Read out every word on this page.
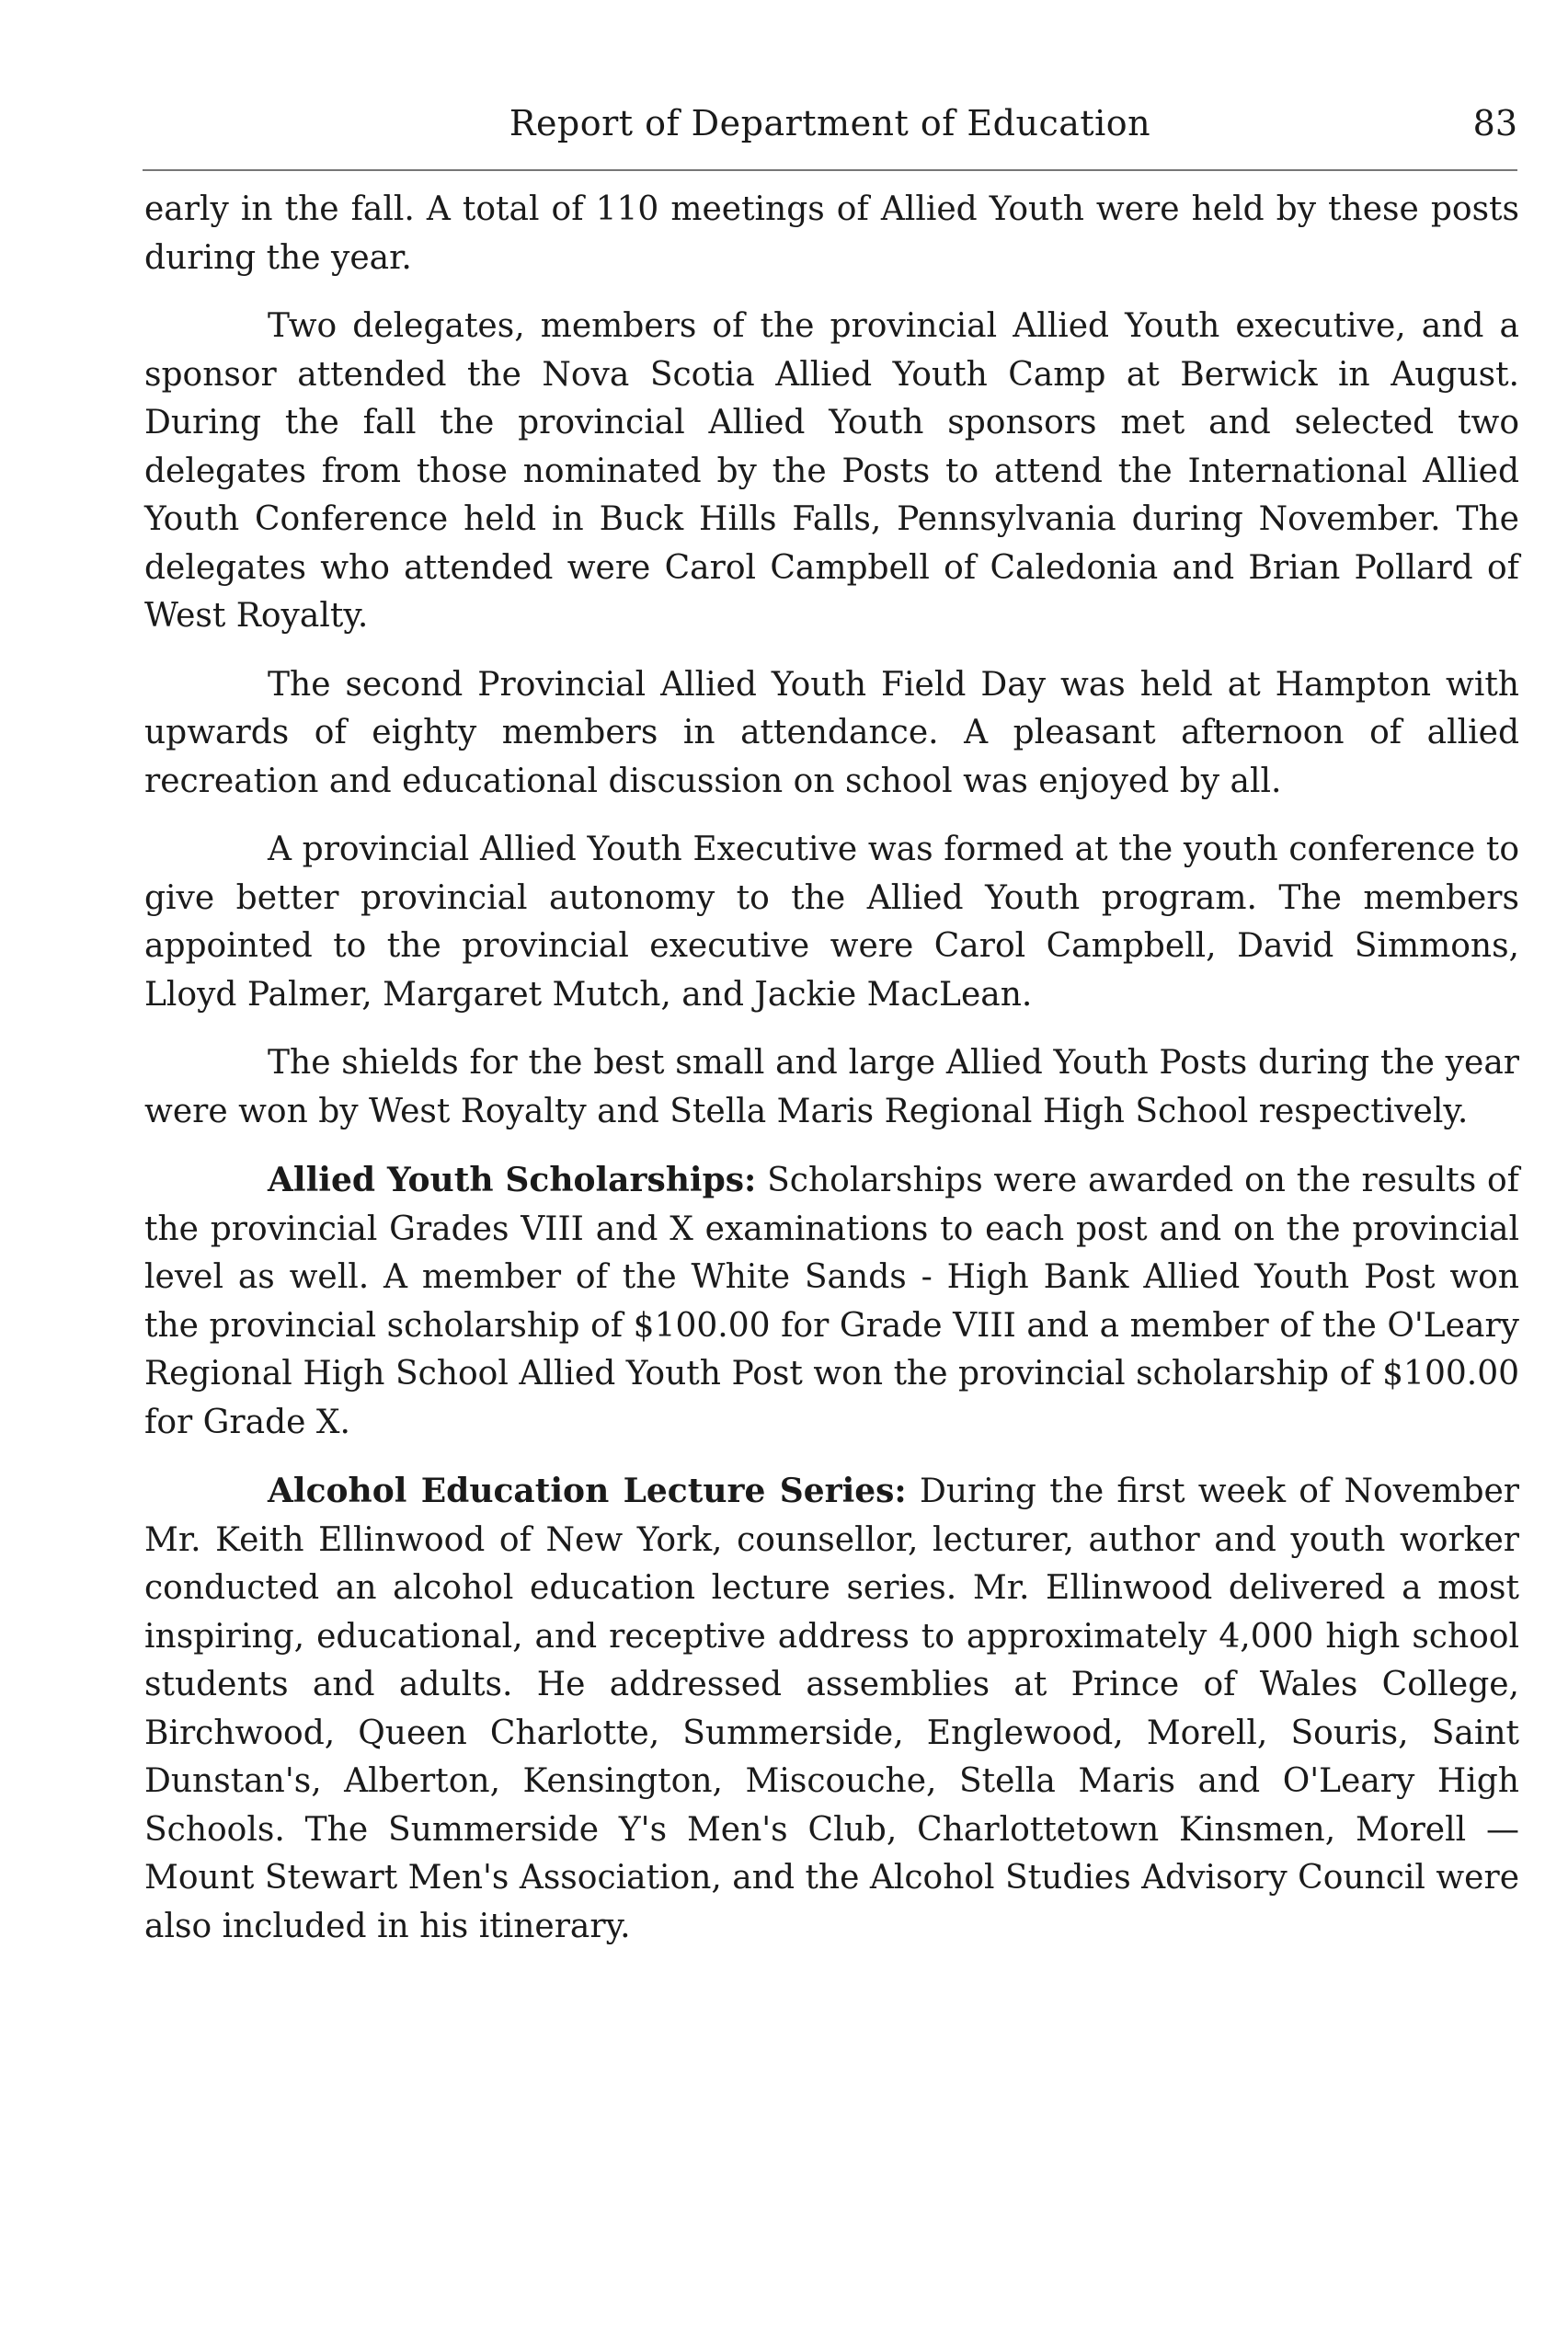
Report of Department of Education	83

early in the fall. A total of 110 meetings of Allied Youth were held by these posts during the year.

Two delegates, members of the provincial Allied Youth executive, and a sponsor attended the Nova Scotia Allied Youth Camp at Berwick in August. During the fall the provincial Allied Youth sponsors met and selected two delegates from those nominated by the Posts to attend the International Allied Youth Conference held in Buck Hills Falls, Pennsylvania during November. The delegates who attended were Carol Campbell of Caledonia and Brian Pollard of West Royalty.

The second Provincial Allied Youth Field Day was held at Hampton with upwards of eighty members in attendance. A pleasant afternoon of allied recreation and educational discussion on school was enjoyed by all.

A provincial Allied Youth Executive was formed at the youth conference to give better provincial autonomy to the Allied Youth program. The members appointed to the provincial executive were Carol Campbell, David Simmons, Lloyd Palmer, Margaret Mutch, and Jackie MacLean.

The shields for the best small and large Allied Youth Posts during the year were won by West Royalty and Stella Maris Regional High School respectively.

Allied Youth Scholarships: Scholarships were awarded on the results of the provincial Grades VIII and X examinations to each post and on the provincial level as well. A member of the White Sands - High Bank Allied Youth Post won the provincial scholarship of $100.00 for Grade VIII and a member of the O'Leary Regional High School Allied Youth Post won the provincial scholarship of $100.00 for Grade X.

Alcohol Education Lecture Series: During the first week of November Mr. Keith Ellinwood of New York, counsellor, lecturer, author and youth worker conducted an alcohol education lecture series. Mr. Ellinwood delivered a most inspiring, educational, and receptive address to approximately 4,000 high school students and adults. He addressed assemblies at Prince of Wales College, Birchwood, Queen Charlotte, Summerside, Englewood, Morell, Souris, Saint Dunstan's, Alberton, Kensington, Miscouche, Stella Maris and O'Leary High Schools. The Summerside Y's Men's Club, Charlottetown Kinsmen, Morell — Mount Stewart Men's Association, and the Alcohol Studies Advisory Council were also included in his itinerary.
